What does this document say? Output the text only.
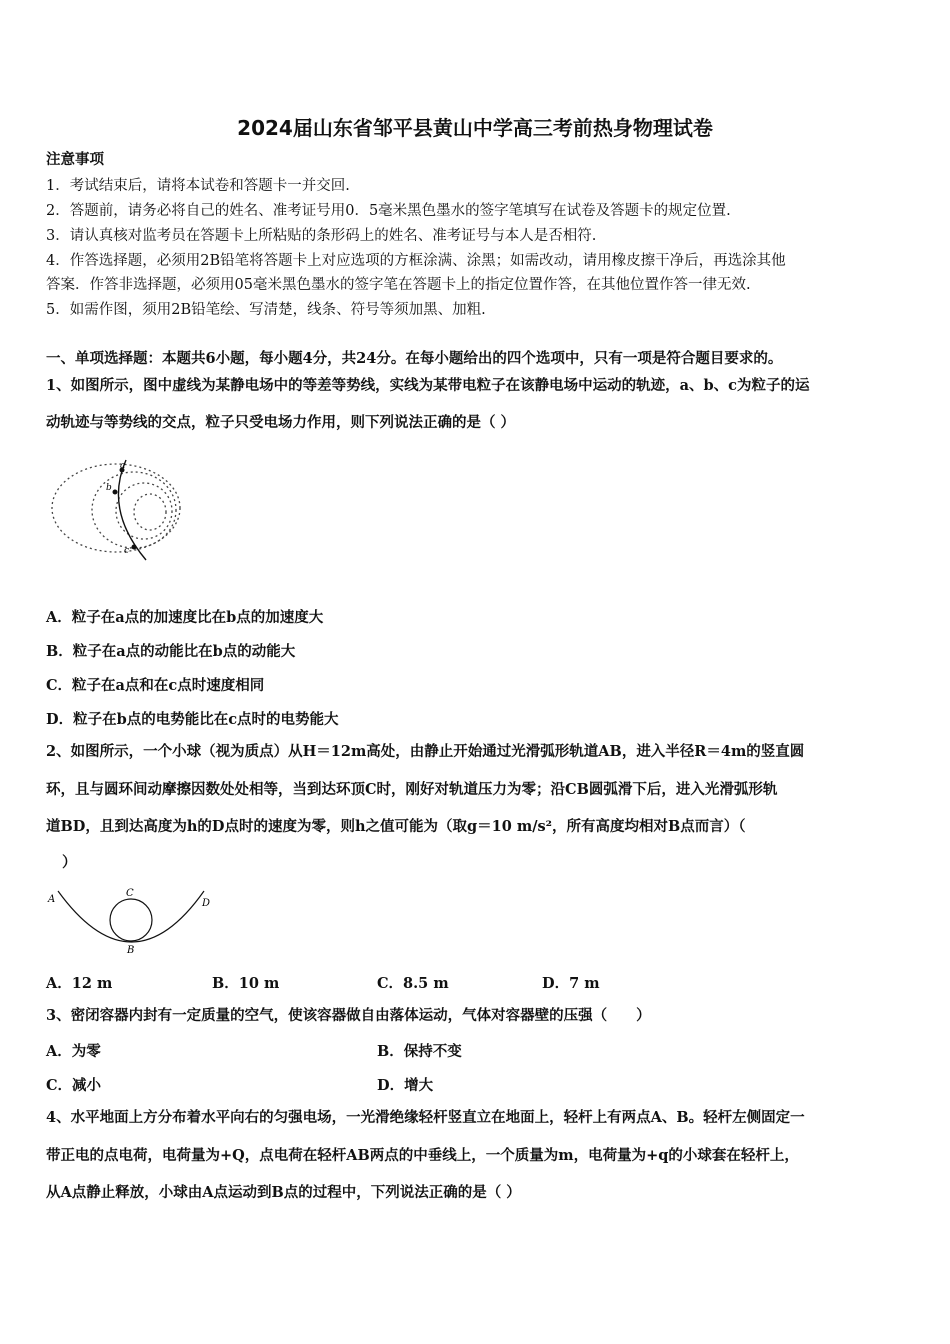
2024届山东省邹平县黄山中学高三考前热身物理试卷
注意事项
1．考试结束后，请将本试卷和答题卡一并交回.
2．答题前，请务必将自己的姓名、准考证号用0．5毫米黑色墨水的签字笔填写在试卷及答题卡的规定位置.
3．请认真核对监考员在答题卡上所粘贴的条形码上的姓名、准考证号与本人是否相符.
4．作答选择题，必须用2B铅笔将答题卡上对应选项的方框涂满、涂黑；如需改动，请用橡皮擦干净后，再选涂其他
答案．作答非选择题，必须用05毫米黑色墨水的签字笔在答题卡上的指定位置作答，在其他位置作答一律无效.
5．如需作图，须用2B铅笔绘、写清楚，线条、符号等须加黑、加粗.
一、单项选择题：本题共6小题，每小题4分，共24分。在每小题给出的四个选项中，只有一项是符合题目要求的。
1、如图所示，图中虚线为某静电场中的等差等势线，实线为某带电粒子在该静电场中运动的轨迹，a、b、c为粒子的运
动轨迹与等势线的交点，粒子只受电场力作用，则下列说法正确的是（ ）
a
b
c
A．粒子在a点的加速度比在b点的加速度大
B．粒子在a点的动能比在b点的动能大
C．粒子在a点和在c点时速度相同
D．粒子在b点的电势能比在c点时的电势能大
2、如图所示，一个小球（视为质点）从H＝12m高处，由静止开始通过光滑弧形轨道AB，进入半径R＝4m的竖直圆
环，且与圆环间动摩擦因数处处相等，当到达环顶C时，刚好对轨道压力为零；沿CB圆弧滑下后，进入光滑弧形轨
道BD，且到达高度为h的D点时的速度为零，则h之值可能为（取g＝10 m/s²，所有高度均相对B点而言）（
）
A
C
D
B
A．12 m	B．10 m	C．8.5 m	D．7 m
3、密闭容器内封有一定质量的空气，使该容器做自由落体运动，气体对容器壁的压强（　　）
A．为零	B．保持不变
C．减小	D．增大
4、水平地面上方分布着水平向右的匀强电场，一光滑绝缘轻杆竖直立在地面上，轻杆上有两点A、B。轻杆左侧固定一
带正电的点电荷，电荷量为+Q，点电荷在轻杆AB两点的中垂线上，一个质量为m，电荷量为+q的小球套在轻杆上，
从A点静止释放，小球由A点运动到B点的过程中，下列说法正确的是（ ）
